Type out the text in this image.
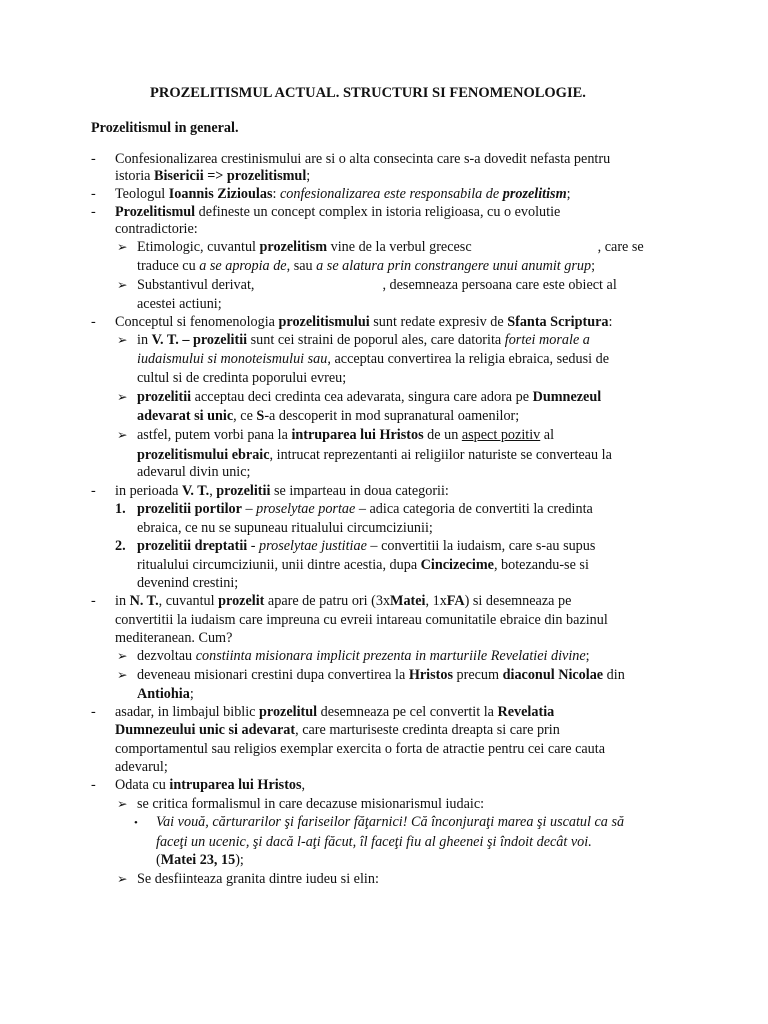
PROZELITISMUL ACTUAL. STRUCTURI SI FENOMENOLOGIE.
Prozelitismul in general.
- Confesionalizarea crestinismului are si o alta consecinta care s-a dovedit nefasta pentru
istoria Bisericii => prozelitismul;
- Teologul Ioannis Zizioulas: confesionalizarea este responsabila de prozelitism;
- Prozelitismul defineste un concept complex in istoria religioasa, cu o evolutie
contradictorie:
➢ Etimologic, cuvantul prozelitism vine de la verbul grecesc	, care se
traduce cu a se apropia de, sau a se alatura prin constrangere unui anumit grup;
➢ Substantivul derivat,	, desemneaza persoana care este obiect al
acestei actiuni;
- Conceptul si fenomenologia prozelitismului sunt redate expresiv de Sfanta Scriptura:
➢ in V. T. – prozelitii sunt cei straini de poporul ales, care datorita fortei morale a
iudaismului si monoteismului sau, acceptau convertirea la religia ebraica, sedusi de
cultul si de credinta poporului evreu;
➢ prozelitii acceptau deci credinta cea adevarata, singura care adora pe Dumnezeul
adevarat si unic, ce S-a descoperit in mod supranatural oamenilor;
➢ astfel, putem vorbi pana la intruparea lui Hristos de un aspect pozitiv al
prozelitismului ebraic, intrucat reprezentanti ai religiilor naturiste se converteau la
adevarul divin unic;
- in perioada V. T., prozelitii se imparteau in doua categorii:
1. prozelitii portilor – proselytae portae – adica categoria de convertiti la credinta
ebraica, ce nu se supuneau ritualului circumciziunii;
2. prozelitii dreptatii - proselytae justitiae – convertitii la iudaism, care s-au supus
ritualului circumciziunii, unii dintre acestia, dupa Cincizecime, botezandu-se si
devenind crestini;
- in N. T., cuvantul prozelit apare de patru ori (3xMatei, 1xFA) si desemneaza pe
convertitii la iudaism care impreuna cu evreii intareau comunitatile ebraice din bazinul
mediteranean. Cum?
➢ dezvoltau constiinta misionara implicit prezenta in marturiile Revelatiei divine;
➢ deveneau misionari crestini dupa convertirea la Hristos precum diaconul Nicolae din
Antiohia;
- asadar, in limbajul biblic prozelitul desemneaza pe cel convertit la Revelatia
Dumnezeului unic si adevarat, care marturiseste credinta dreapta si care prin
comportamentul sau religios exemplar exercita o forta de atractie pentru cei care cauta
adevarul;
- Odata cu intruparea lui Hristos,
➢ se critica formalismul in care decazuse misionarismul iudaic:
• Vai vouă, cărturarilor şi fariseilor făţarnici! Că înconjuraţi marea şi uscatul ca să
faceţi un ucenic, şi dacă l-aţi făcut, îl faceţi fiu al gheenei şi îndoit decât voi.
(Matei 23, 15);
➢ Se desfiinteaza granita dintre iudeu si elin:
